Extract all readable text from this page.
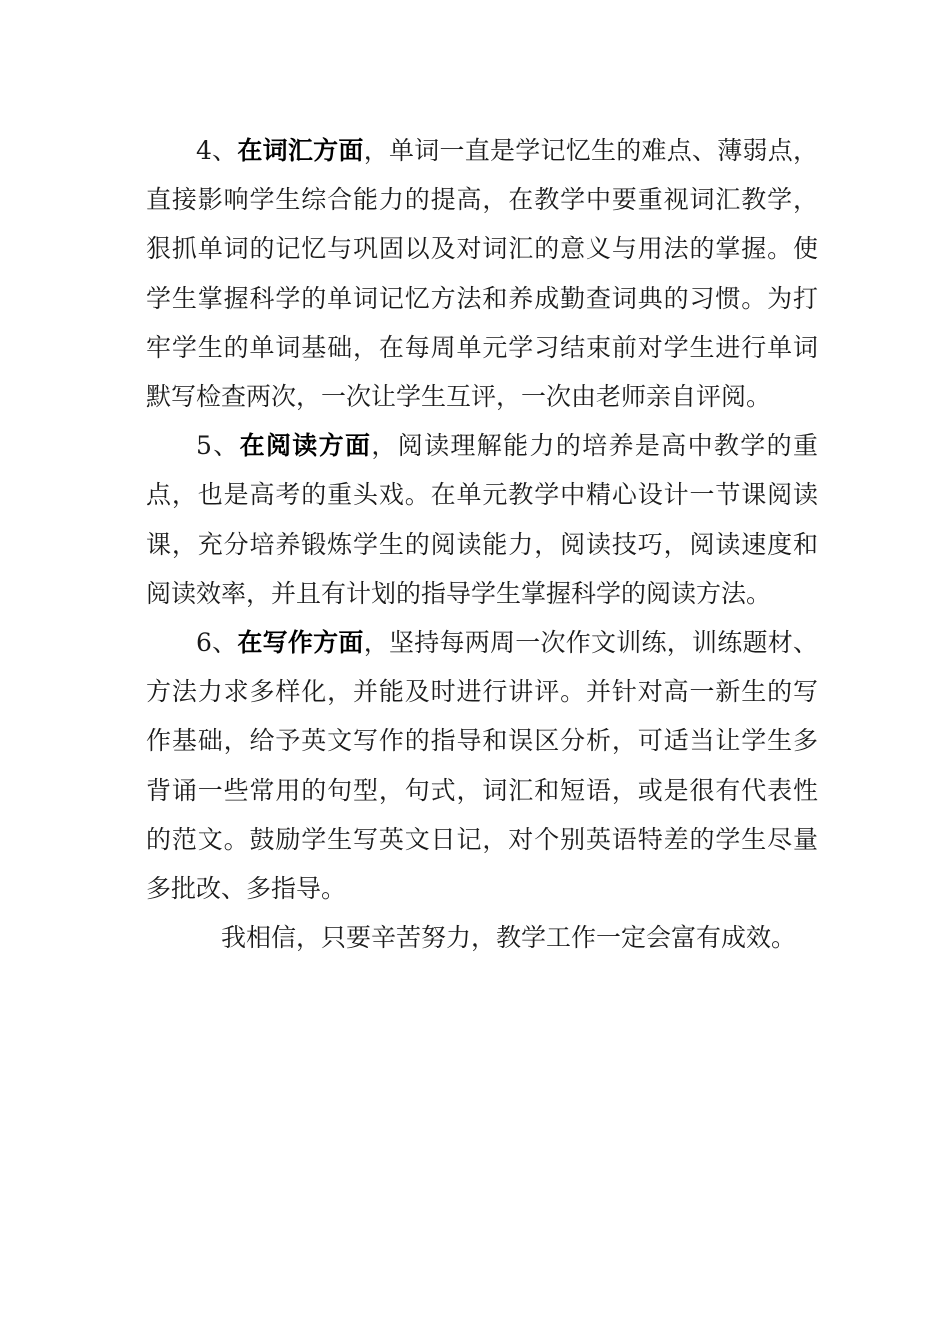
4、在词汇方面，单词一直是学记忆生的难点、薄弱点，直接影响学生综合能力的提高，在教学中要重视词汇教学，狠抓单词的记忆与巩固以及对词汇的意义与用法的掌握。使学生掌握科学的单词记忆方法和养成勤查词典的习惯。为打牢学生的单词基础，在每周单元学习结束前对学生进行单词默写检查两次，一次让学生互评，一次由老师亲自评阅。

5、在阅读方面，阅读理解能力的培养是高中教学的重点，也是高考的重头戏。在单元教学中精心设计一节课阅读课，充分培养锻炼学生的阅读能力，阅读技巧，阅读速度和阅读效率，并且有计划的指导学生掌握科学的阅读方法。

6、在写作方面，坚持每两周一次作文训练，训练题材、方法力求多样化，并能及时进行讲评。并针对高一新生的写作基础，给予英文写作的指导和误区分析，可适当让学生多背诵一些常用的句型，句式，词汇和短语，或是很有代表性的范文。鼓励学生写英文日记，对个别英语特差的学生尽量多批改、多指导。

我相信，只要辛苦努力，教学工作一定会富有成效。
